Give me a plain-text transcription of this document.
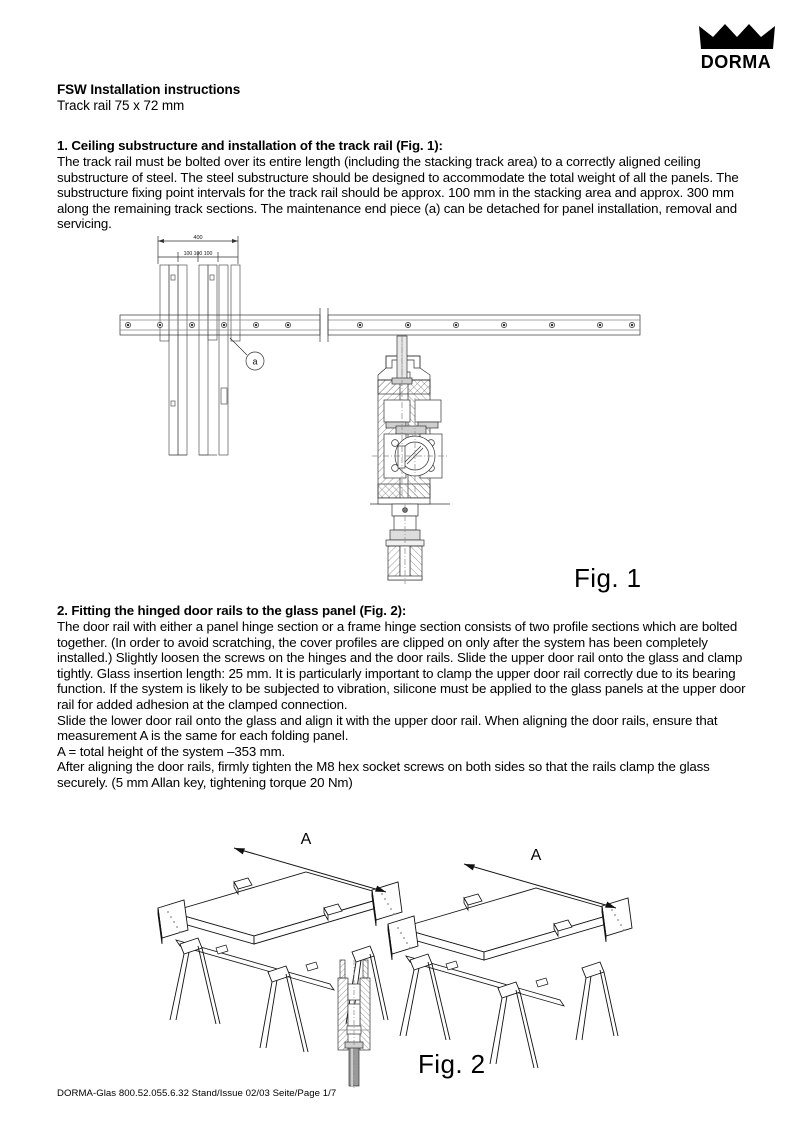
DORMA
FSW Installation instructions
Track rail 75 x 72 mm

1. Ceiling substructure and installation of the track rail (Fig. 1):

The track rail must be bolted over its entire length (including the stacking track area) to a correctly aligned ceiling substructure of steel. The steel substructure should be designed to accommodate the total weight of all the panels. The substructure fixing point intervals for the track rail should be approx. 100 mm in the stacking area and approx. 300 mm along the remaining track sections. The maintenance end piece (a) can be detached for panel installation, removal and servicing.

400
100 100 100
a
Fig. 1

2. Fitting the hinged door rails to the glass panel (Fig. 2):

The door rail with either a panel hinge section or a frame hinge section consists of two profile sections which are bolted together. (In order to avoid scratching, the cover profiles are clipped on only after the system has been completely installed.) Slightly loosen the screws on the hinges and the door rails. Slide the upper door rail onto the glass and clamp tightly. Glass insertion length: 25 mm. It is particularly important to clamp the upper door rail correctly due to its bearing function. If the system is likely to be subjected to vibration, silicone must be applied to the glass panels at the upper door rail for added adhesion at the clamped connection.

Slide the lower door rail onto the glass and align it with the upper door rail. When aligning the door rails, ensure that measurement A is the same for each folding panel.

A = total height of the system –353 mm.

After aligning the door rails, firmly tighten the M8 hex socket screws on both sides so that the rails clamp the glass securely. (5 mm Allan key, tightening torque 20 Nm)

A
A
Fig. 2
DORMA-Glas 800.52.055.6.32 Stand/Issue 02/03 Seite/Page 1/7
